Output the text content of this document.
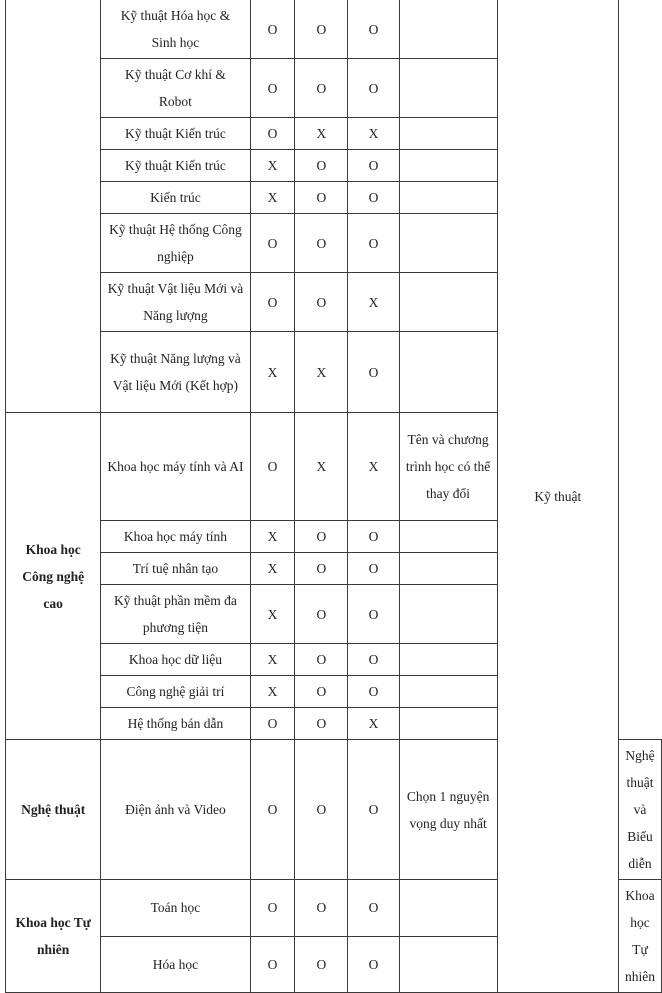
	Kỹ thuật Hóa học & Sinh học	O	O	O		Kỹ thuật	
	Kỹ thuật Cơ khí & Robot	O	O	O			
	Kỹ thuật Kiến trúc	O	X	X			
	Kỹ thuật Kiến trúc	X	O	O			
	Kiến trúc	X	O	O			
	Kỹ thuật Hệ thống Công nghiệp	O	O	O			
	Kỹ thuật Vật liệu Mới và Năng lượng	O	O	X			
	Kỹ thuật Năng lượng và Vật liệu Mới (Kết hợp)	X	X	O			
Khoa học Công nghệ cao	Khoa học máy tính và AI	O	X	X	Tên và chương trình học có thể thay đổi		
	Khoa học máy tính	X	O	O			
	Trí tuệ nhân tạo	X	O	O			
	Kỹ thuật phần mềm đa phương tiện	X	O	O			
	Khoa học dữ liệu	X	O	O			
	Công nghệ giải trí	X	O	O			
	Hệ thống bán dẫn	O	O	X			
Nghệ thuật	Điện ảnh và Video	O	O	O	Chọn 1 nguyện vọng duy nhất		Nghệ thuật và Biểu diễn
Khoa học Tự nhiên	Toán học	O	O	O			Khoa học Tự nhiên
	Hóa học	O	O	O			
